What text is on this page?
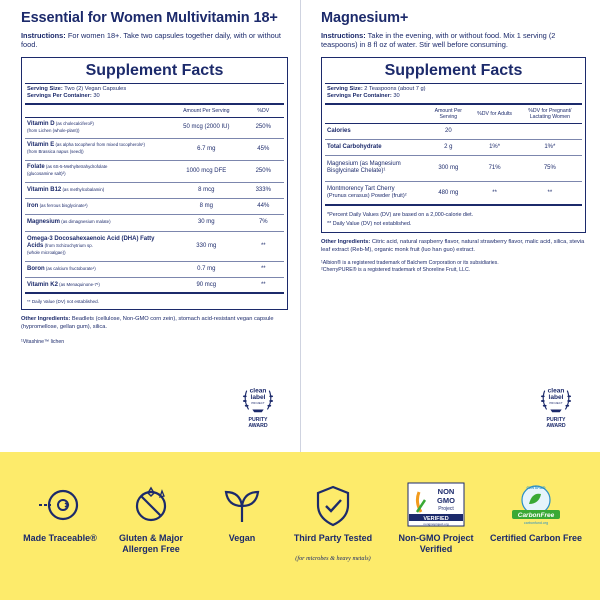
Essential for Women Multivitamin 18+
Instructions: For women 18+. Take two capsules together daily, with or without food.
Supplement Facts
Serving Size: Two (2) Vegan Capsules
Servings Per Container: 30
	Amount Per Serving	%DV
Vitamin D (as cholecalciferol²)
(from Lichen (whole-plant))	50 mcg (2000 IU)	250%
Vitamin E (as alpha tocopherol from mixed tocopherols¹)
(from Brassica napus (seed))	6.7 mg	45%
Folate (as 6S-5-Methyltetrahydrofolate
(glucosamine salt)²)	1000 mcg DFE	250%
Vitamin B12 (as methylcobalamin)	8 mcg	333%
Iron (as ferrous bisglycinate¹)	8 mg	44%
Magnesium (as dimagnesium malate)	30 mg	7%
Omega-3 Docosahexaenoic Acid (DHA) Fatty Acids (from Schizochytrium sp.
(whole microalgae))	330 mg	**
Boron (as calcium fructoborate¹)	0.7 mg	**
Vitamin K2 (as Menaquinone-7¹)	90 mcg	**
** Daily Value (DV) not established.
Other Ingredients: Beadlets (cellulose, Non-GMO corn zein), stomach acid-resistant vegan capsule (hypromellose, gellan gum), silica.
¹Vitashine™ lichen
Magnesium+
Instructions: Take in the evening, with or without food. Mix 1 serving (2 teaspoons) in 8 fl oz of water. Stir well before consuming.
Supplement Facts
Serving Size: 2 Teaspoons (about 7 g)
Servings Per Container: 30
	Amount Per Serving	%DV for Adults	%DV for Pregnant/ Lactating Women
Calories	20		
Total Carbohydrate	2 g	1%*	1%*
Magnesium (as Magnesium Bisglycinate Chelate)¹	300 mg	71%	75%
Montmorency Tart Cherry
(Prunus cerasus) Powder (fruit)²	480 mg	**	**
*Percent Daily Values (DV) are based on a 2,000-calorie diet.
** Daily Value (DV) not established.
Other Ingredients: Citric acid, natural raspberry flavor, natural strawberry flavor, malic acid, silica, stevia leaf extract (Reb-M), organic monk fruit (luo han guo) extract.
¹Albion® is a registered trademark of Balchem Corporation or its subsidiaries.
²CherryPURE® is a registered trademark of Shoreline Fruit, LLC.
clean
label
PROJECT
PURITY
AWARD
clean
label
PROJECT
PURITY
AWARD
Made Traceable®	Gluten & Major Allergen Free
Vegan	Third Party Tested
(for microbes & heavy metals)
NON
GMO
Project
VERIFIED
nongmoproject.org
Non-GMO Project Verified
CERTIFIED
CarbonFree
carbonfund.org
Certified Carbon Free
